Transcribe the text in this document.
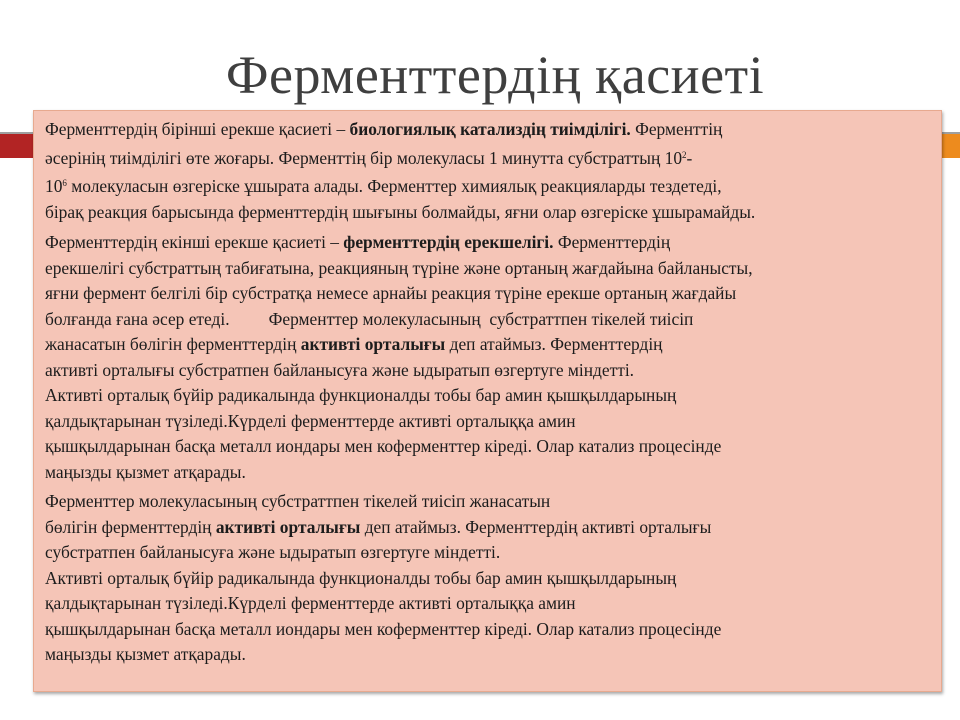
Ферменттердің қасиеті
Ферменттердің бірінші ерекше қасиеті – биологиялық катализдің тиімділігі. Ферменттің
әсерінің тиімділігі өте жоғары. Ферменттің бір молекуласы 1 минутта субстраттың $10^2-$
$10^6$ молекуласын өзгеріске ұшырата алады. Ферменттер химиялық реакцияларды тездетеді,
бірақ реакция барысында ферменттердің шығыны болмайды, яғни олар өзгеріске ұшырамайды.
Ферменттердің екінші ерекше қасиеті – ферменттердің ерекшелігі. Ферменттердің
ерекшелігі субстраттың табиғатына, реакцияның түріне және ортаның жағдайына байланысты,
яғни фермент белгілі бір субстратқа немесе арнайы реакция түріне ерекше ортаның жағдайы
болғанда ғана әсер етеді.         Ферменттер молекуласының  субстраттпен тікелей тиісіп
жанасатын бөлігін ферменттердің активті орталығы деп атаймыз. Ферменттердің
активті орталығы субстратпен байланысуға және ыдыратып өзгертуге міндетті.
Активті орталық бүйір радикалында функционалды тобы бар амин қышқылдарының
қалдықтарынан түзіледі.Күрделі ферменттерде активті орталыққа амин
қышқылдарынан басқа металл иондары мен коферменттер кіреді. Олар катализ процесінде
маңызды қызмет атқарады.
Ферменттер молекуласының субстраттпен тікелей тиісіп жанасатын
бөлігін ферменттердің активті орталығы деп атаймыз. Ферменттердің активті орталығы
субстратпен байланысуға және ыдыратып өзгертуге міндетті.
Активті орталық бүйір радикалында функционалды тобы бар амин қышқылдарының
қалдықтарынан түзіледі.Күрделі ферменттерде активті орталыққа амин
қышқылдарынан басқа металл иондары мен коферменттер кіреді. Олар катализ процесінде
маңызды қызмет атқарады.
